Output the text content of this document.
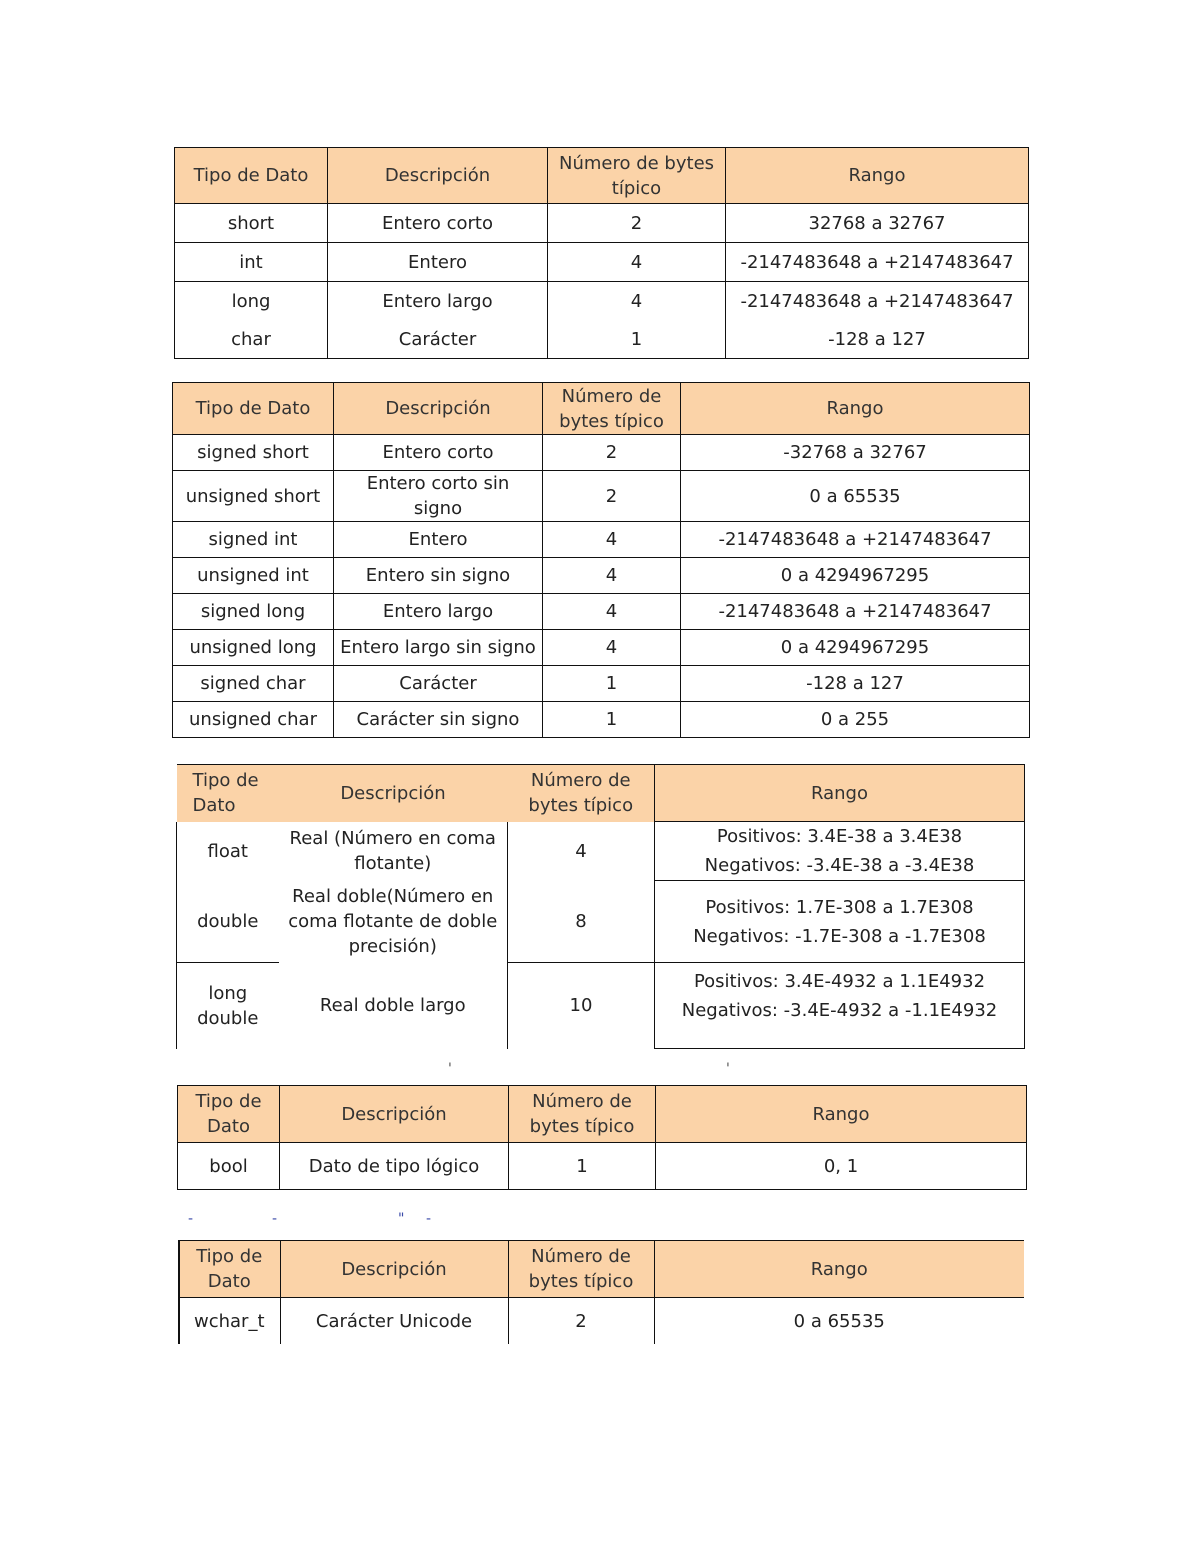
Tipo de Dato	Descripción	Número de bytes típico	Rango
short	Entero corto	2	32768 a 32767
int	Entero	4	-2147483648 a +2147483647
long	Entero largo	4	-2147483648 a +2147483647
char	Carácter	1	-128 a 127
Tipo de Dato	Descripción	Número de bytes típico	Rango
signed short	Entero corto	2	-32768 a 32767
unsigned short	Entero corto sin signo	2	0 a 65535
signed int	Entero	4	-2147483648 a +2147483647
unsigned int	Entero sin signo	4	0 a 4294967295
signed long	Entero largo	4	-2147483648 a +2147483647
unsigned long	Entero largo sin signo	4	0 a 4294967295
signed char	Carácter	1	-128 a 127
unsigned char	Carácter sin signo	1	0 a 255
Tipo de Dato	Descripción	Número de bytes típico	Rango
float	Real (Número en coma flotante)	4	Positivos: 3.4E-38 a 3.4E38
Negativos: -3.4E-38 a -3.4E38

double	Real doble(Número en coma flotante de doble precisión)	8	Positivos: 1.7E-308 a 1.7E308
Negativos: -1.7E-308 a -1.7E308

long double	Real doble largo	10	Positivos: 3.4E-4932 a 1.1E4932
Negativos: -3.4E-4932 a -1.1E4932
'	'
Tipo de Dato	Descripción	Número de bytes típico	Rango
bool	Dato de tipo lógico	1	0, 1
-	-	" -
Tipo de Dato	Descripción	Número de bytes típico	Rango
wchar_t	Carácter Unicode	2	0 a 65535
